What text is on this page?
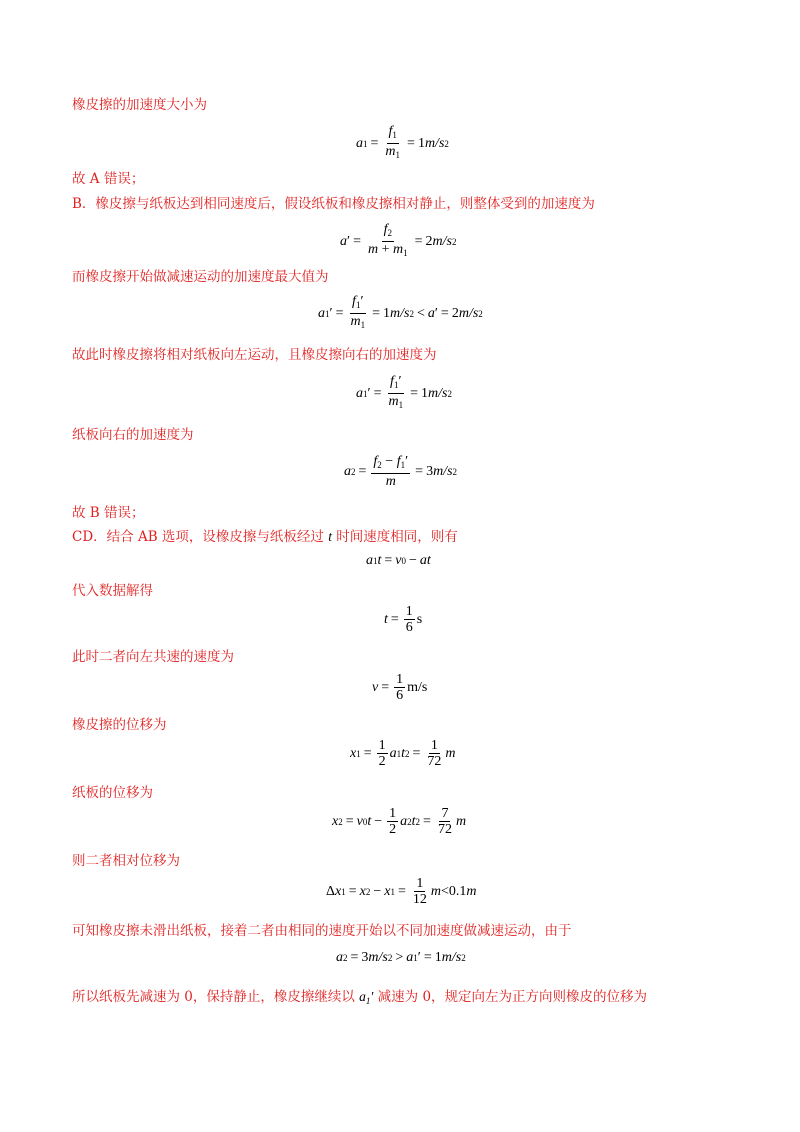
橡皮擦的加速度大小为
a $1 = \frac{f_1}{m_1} = 1$ m/s 2
故 A 错误；
B．橡皮擦与纸板达到相同速度后，假设纸板和橡皮擦相对静止，则整体受到的加速度为
a ′ = $\frac{f_2}{m + m_1} = 2$ m/s 2
而橡皮擦开始做减速运动的加速度最大值为
a 1 ′ = $\frac{f_1'}{m_1} = 1$ m/s 2 < a ′ = 2 m/s 2
故此时橡皮擦将相对纸板向左运动，且橡皮擦向右的加速度为
a 1 ′ = $\frac{f_1'}{m_1} = 1$ m/s 2
纸板向右的加速度为
a $2 = \frac{f_2 - f_1'}{m} = 3$ m/s 2
故 B 错误；
CD．结合 AB 选项，设橡皮擦与纸板经过 t 时间速度相同，则有
a 1 t = v 0 − at
代入数据解得
$t = \frac{1}{6}$ s
此时二者向左共速的速度为
$v = \frac{1}{6} m/s$
橡皮擦的位移为
x $1 = \frac{1}{2}$ a 1 t $2 = \frac{1}{72}$ m
纸板的位移为
x 2 = v 0 $t - \frac{1}{2}$ a 2 t $2 = \frac{7}{72}$ m
则二者相对位移为
Δ x 1 = x 2 − x $1 = \frac{1}{12}$ m <0.1 m
可知橡皮擦未滑出纸板，接着二者由相同的速度开始以不同加速度做减速运动，由于
a 2 = 3 m/s 2 > a 1 ′ = 1 m/s 2
所以纸板先减速为 0，保持静止，橡皮擦继续以 $a_1'$ 减速为 0，规定向左为正方向则橡皮的位移为
